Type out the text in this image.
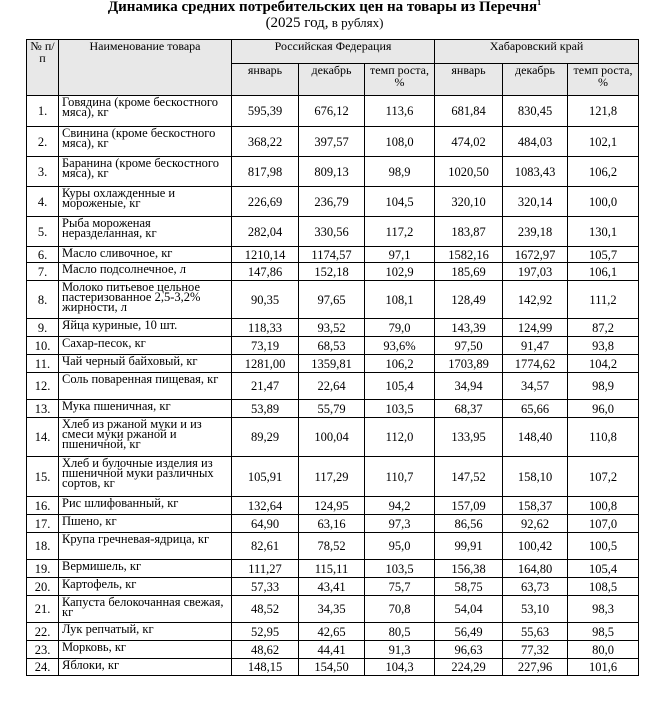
Динамика средних потребительских цен на товары из Перечня$^1$
(2025 год, в рублях)
№ п/п	Наименование товара	Российская Федерация			Хабаровский край		
		январь	декабрь	темп роста, %	январь	декабрь	темп роста, %
1.	Говядина (кроме бескостного мяса), кг	595,39	676,12	113,6	681,84	830,45	121,8
2.	Свинина (кроме бескостного мяса), кг	368,22	397,57	108,0	474,02	484,03	102,1
3.	Баранина (кроме бескостного мяса), кг	817,98	809,13	98,9	1020,50	1083,43	106,2
4.	Куры охлажденные и мороженые, кг	226,69	236,79	104,5	320,10	320,14	100,0
5.	Рыба мороженая неразделанная, кг	282,04	330,56	117,2	183,87	239,18	130,1
6.	Масло сливочное, кг	1210,14	1174,57	97,1	1582,16	1672,97	105,7
7.	Масло подсолнечное, л	147,86	152,18	102,9	185,69	197,03	106,1
8.	Молоко питьевое цельное пастеризованное 2,5-3,2% жирности, л	90,35	97,65	108,1	128,49	142,92	111,2
9.	Яйца куриные, 10 шт.	118,33	93,52	79,0	143,39	124,99	87,2
10.	Сахар-песок, кг	73,19	68,53	93,6%	97,50	91,47	93,8
11.	Чай черный байховый, кг	1281,00	1359,81	106,2	1703,89	1774,62	104,2
12.	Соль поваренная пищевая, кг	21,47	22,64	105,4	34,94	34,57	98,9
13.	Мука пшеничная, кг	53,89	55,79	103,5	68,37	65,66	96,0
14.	Хлеб из ржаной муки и из смеси муки ржаной и пшеничной, кг	89,29	100,04	112,0	133,95	148,40	110,8
15.	Хлеб и булочные изделия из пшеничной муки различных сортов, кг	105,91	117,29	110,7	147,52	158,10	107,2
16.	Рис шлифованный, кг	132,64	124,95	94,2	157,09	158,37	100,8
17.	Пшено, кг	64,90	63,16	97,3	86,56	92,62	107,0
18.	Крупа гречневая-ядрица, кг	82,61	78,52	95,0	99,91	100,42	100,5
19.	Вермишель, кг	111,27	115,11	103,5	156,38	164,80	105,4
20.	Картофель, кг	57,33	43,41	75,7	58,75	63,73	108,5
21.	Капуста белокочанная свежая, кг	48,52	34,35	70,8	54,04	53,10	98,3
22.	Лук репчатый, кг	52,95	42,65	80,5	56,49	55,63	98,5
23.	Морковь, кг	48,62	44,41	91,3	96,63	77,32	80,0
24.	Яблоки, кг	148,15	154,50	104,3	224,29	227,96	101,6
